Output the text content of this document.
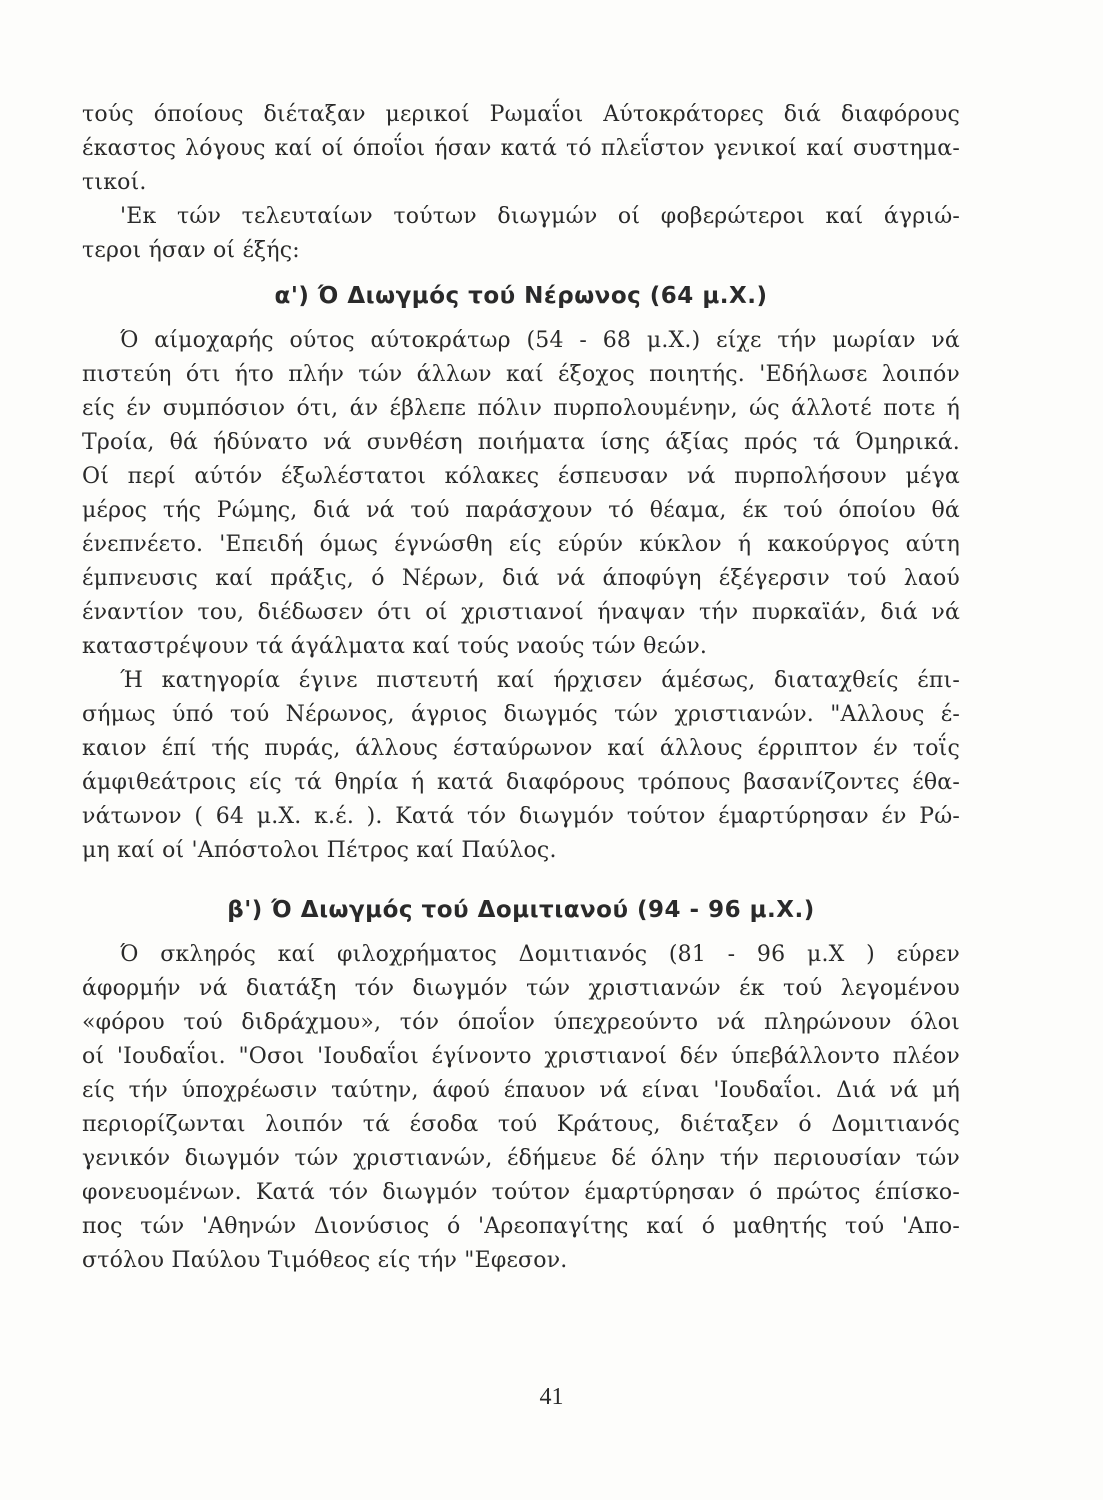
τούς όποίους διέταξαν μερικοί Ρωμαΐοι Αύτοκράτορες διά διαφόρους
έκαστος λόγους καί οί όποΐοι ήσαν κατά τό πλεΐστον γενικοί καί συστημα-
τικοί.
'Εκ τών τελευταίων τούτων διωγμών οί φοβερώτεροι καί άγριώ-
τεροι ήσαν οί έξής:
α') Ό Διωγμός τού Νέρωνος (64 μ.Χ.)
Ό αίμοχαρής ούτος αύτοκράτωρ (54 - 68 μ.Χ.) είχε τήν μωρίαν νά
πιστεύη ότι ήτο πλήν τών άλλων καί έξοχος ποιητής. 'Εδήλωσε λοιπόν
είς έν συμπόσιον ότι, άν έβλεπε πόλιν πυρπολουμένην, ώς άλλοτέ ποτε ή
Τροία, θά ήδύνατο νά συνθέση ποιήματα ίσης άξίας πρός τά Όμηρικά.
Οί περί αύτόν έξωλέστατοι κόλακες έσπευσαν νά πυρπολήσουν μέγα
μέρος τής Ρώμης, διά νά τού παράσχουν τό θέαμα, έκ τού όποίου θά
ένεπνέετο. 'Επειδή όμως έγνώσθη είς εύρύν κύκλον ή κακούργος αύτη
έμπνευσις καί πράξις, ό Νέρων, διά νά άποφύγη έξέγερσιν τού λαού
έναντίον του, διέδωσεν ότι οί χριστιανοί ήναψαν τήν πυρκαϊάν, διά νά
καταστρέψουν τά άγάλματα καί τούς ναούς τών θεών.
Ή κατηγορία έγινε πιστευτή καί ήρχισεν άμέσως, διαταχθείς έπι-
σήμως ύπό τού Νέρωνος, άγριος διωγμός τών χριστιανών. "Αλλους έ-
καιον έπί τής πυράς, άλλους έσταύρωνον καί άλλους έρριπτον έν τοΐς
άμφιθεάτροις είς τά θηρία ή κατά διαφόρους τρόπους βασανίζοντες έθα-
νάτωνον ( 64 μ.Χ. κ.έ. ). Κατά τόν διωγμόν τούτον έμαρτύρησαν έν Ρώ-
μη καί οί 'Απόστολοι Πέτρος καί Παύλος.
β') Ό Διωγμός τού Δομιτιανού (94 - 96 μ.Χ.)
Ό σκληρός καί φιλοχρήματος Δομιτιανός (81 - 96 μ.Χ ) εύρεν
άφορμήν νά διατάξη τόν διωγμόν τών χριστιανών έκ τού λεγομένου
«φόρου τού διδράχμου», τόν όποΐον ύπεχρεούντο νά πληρώνουν όλοι
οί 'Ιουδαΐοι. "Οσοι 'Ιουδαΐοι έγίνοντο χριστιανοί δέν ύπεβάλλοντο πλέον
είς τήν ύποχρέωσιν ταύτην, άφού έπαυον νά είναι 'Ιουδαΐοι. Διά νά μή
περιορίζωνται λοιπόν τά έσοδα τού Κράτους, διέταξεν ό Δομιτιανός
γενικόν διωγμόν τών χριστιανών, έδήμευε δέ όλην τήν περιουσίαν τών
φονευομένων. Κατά τόν διωγμόν τούτον έμαρτύρησαν ό πρώτος έπίσκο-
πος τών 'Αθηνών Διονύσιος ό 'Αρεοπαγίτης καί ό μαθητής τού 'Απο-
στόλου Παύλου Τιμόθεος είς τήν "Εφεσον.
41
